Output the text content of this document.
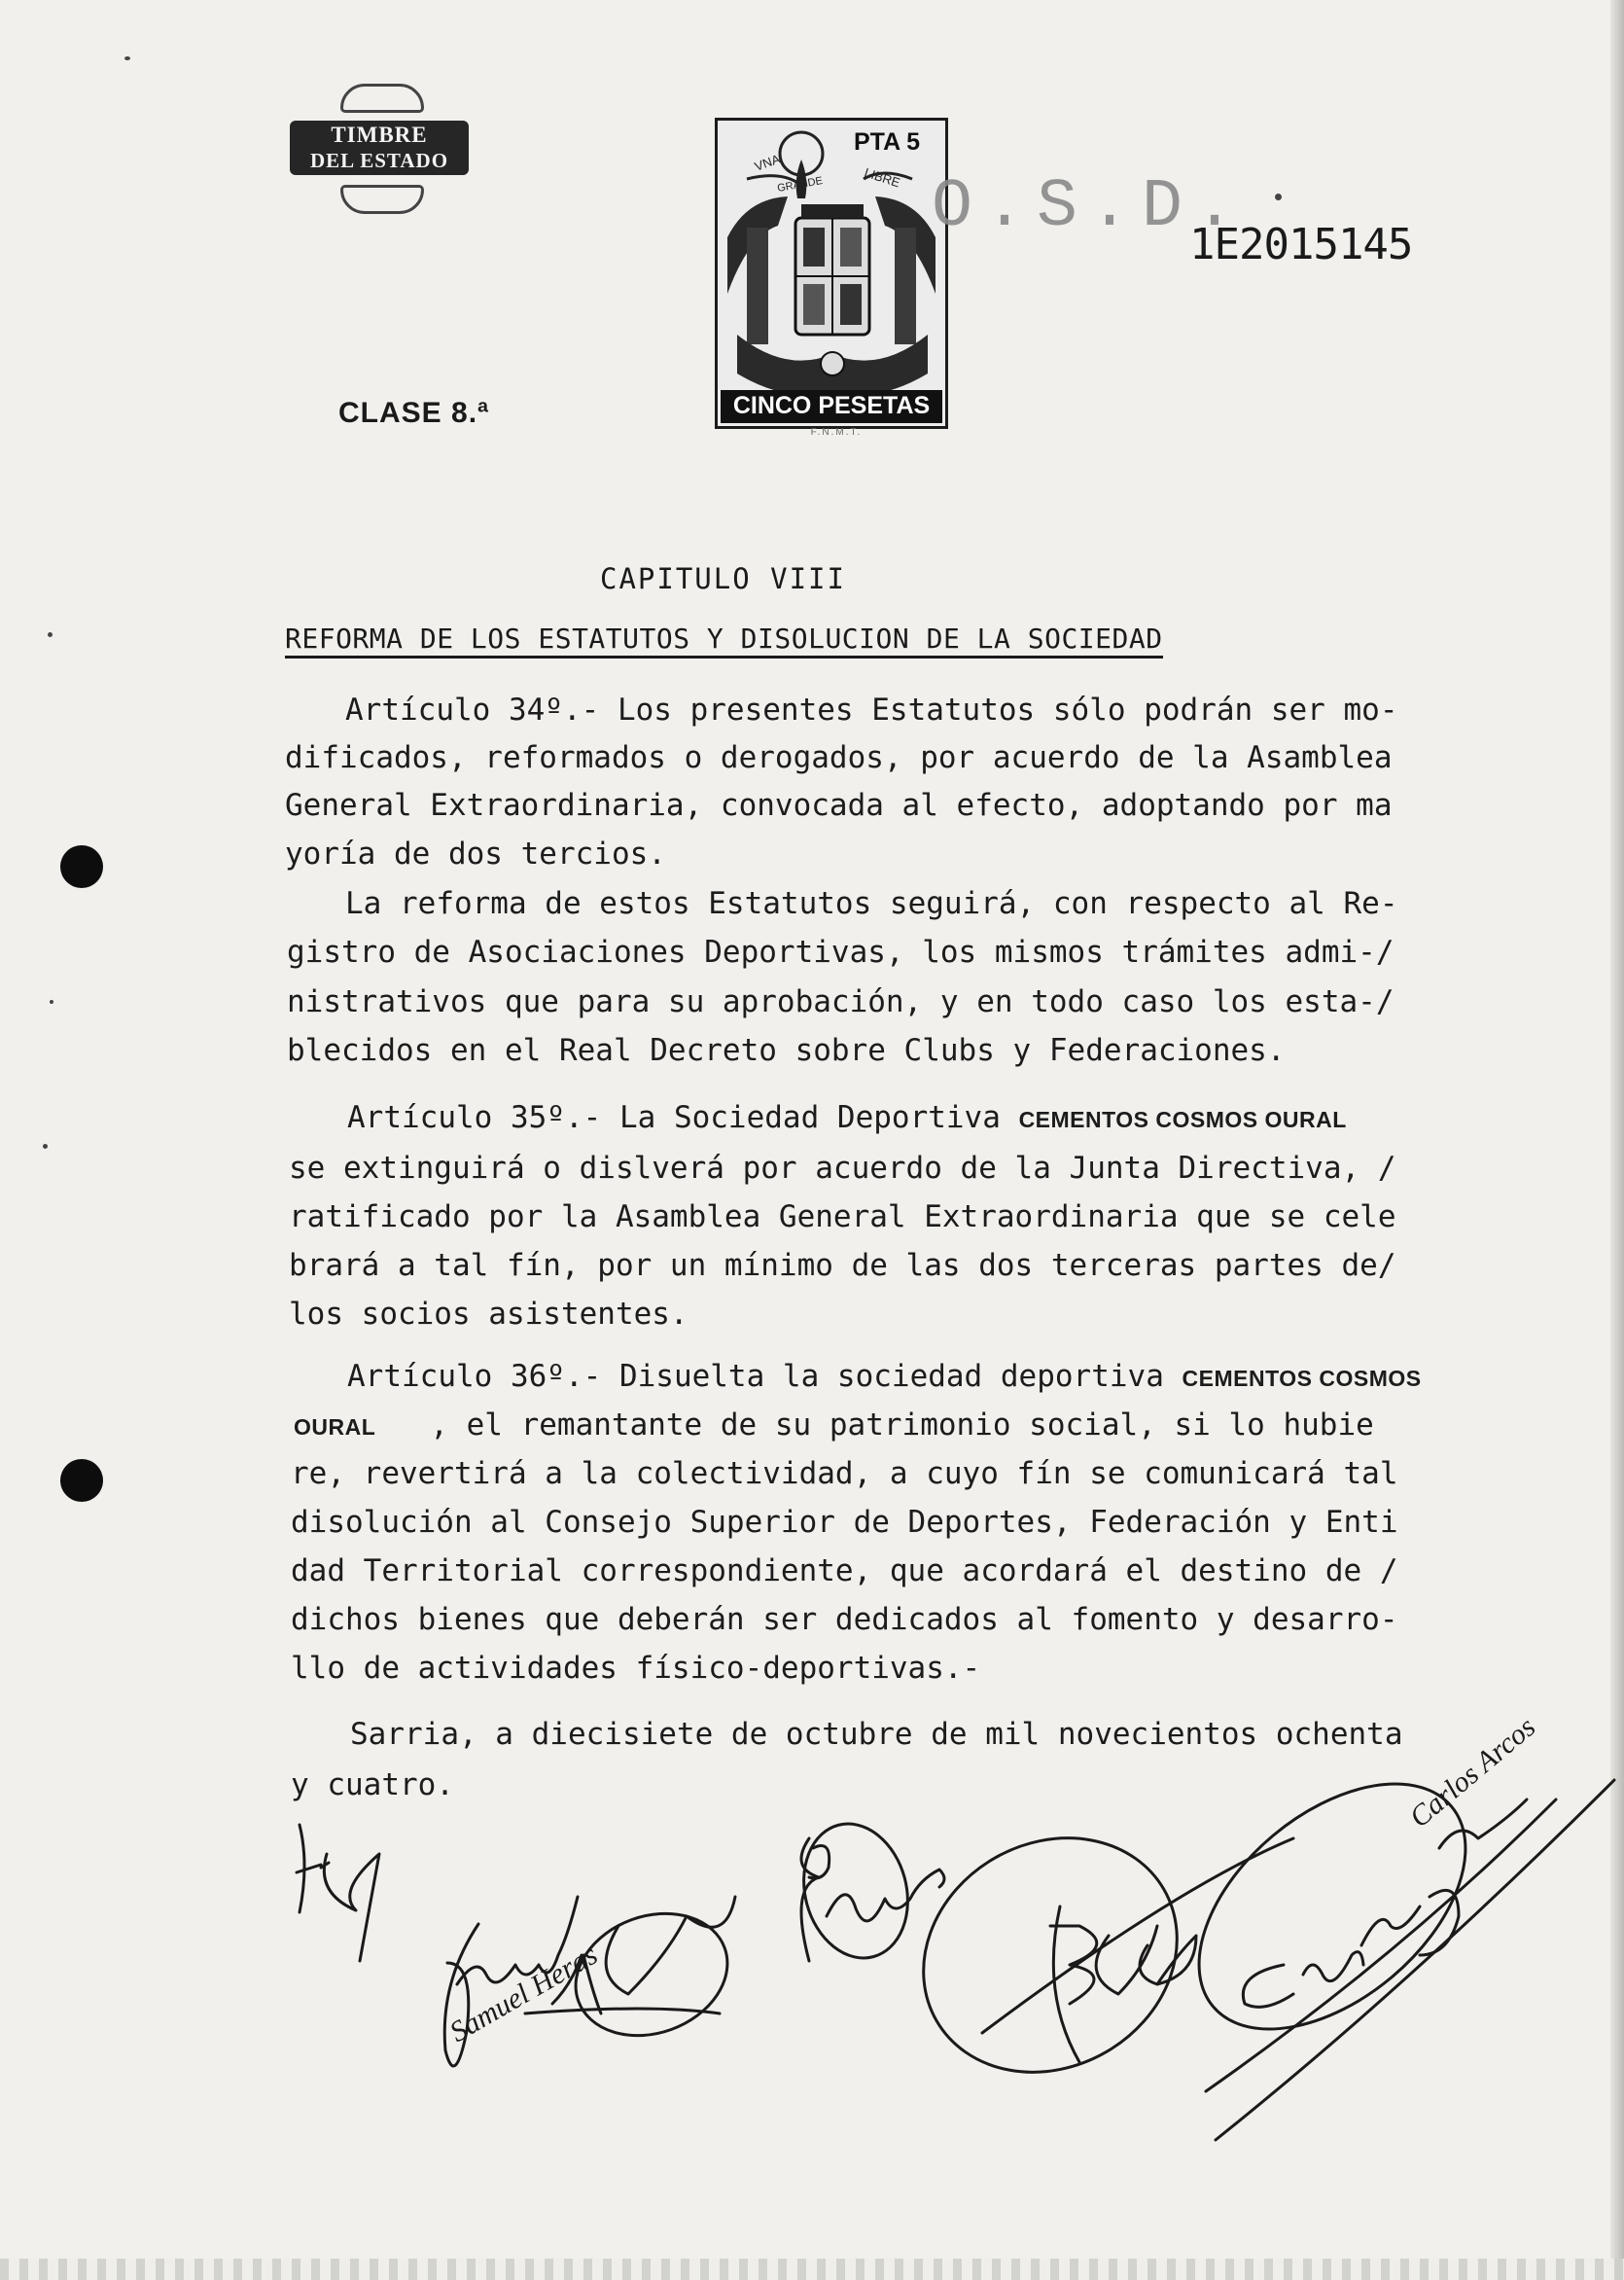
TIMBRE
DEL ESTADO	VNA
GRANDE	LIBRE
PTA 5
CINCO PESETAS
F.N.M.T.
O.S.D.
1E2015145
CLASE 8.ª
CAPITULO VIII
REFORMA DE LOS ESTATUTOS Y DISOLUCION DE LA SOCIEDAD
Artículo 34º.- Los presentes Estatutos sólo podrán ser mo-
dificados, reformados o derogados, por acuerdo de la Asamblea
General Extraordinaria, convocada al efecto, adoptando por ma
yoría de dos tercios.
La reforma de estos Estatutos seguirá, con respecto al Re-
gistro de Asociaciones Deportivas, los mismos trámites admi-/
nistrativos que para su aprobación, y en todo caso los esta-/
blecidos en el Real Decreto sobre Clubs y Federaciones.
Artículo 35º.- La Sociedad Deportiva CEMENTOS COSMOS OURAL
se extinguirá o dislverá por acuerdo de la Junta Directiva, /
ratificado por la Asamblea General Extraordinaria que se cele
brará a tal fín, por un mínimo de las dos terceras partes de/
los socios asistentes.
Artículo 36º.- Disuelta la sociedad deportiva CEMENTOS COSMOS
OURAL   , el remantante de su patrimonio social, si lo hubie
re, revertirá a la colectividad, a cuyo fín se comunicará tal
disolución al Consejo Superior de Deportes, Federación y Enti
dad Territorial correspondiente, que acordará el destino de /
dichos bienes que deberán ser dedicados al fomento y desarro-
llo de actividades físico-deportivas.-
Sarria, a diecisiete de octubre de mil novecientos ochenta
y cuatro.	Carlos Arcos
Samuel Heras
